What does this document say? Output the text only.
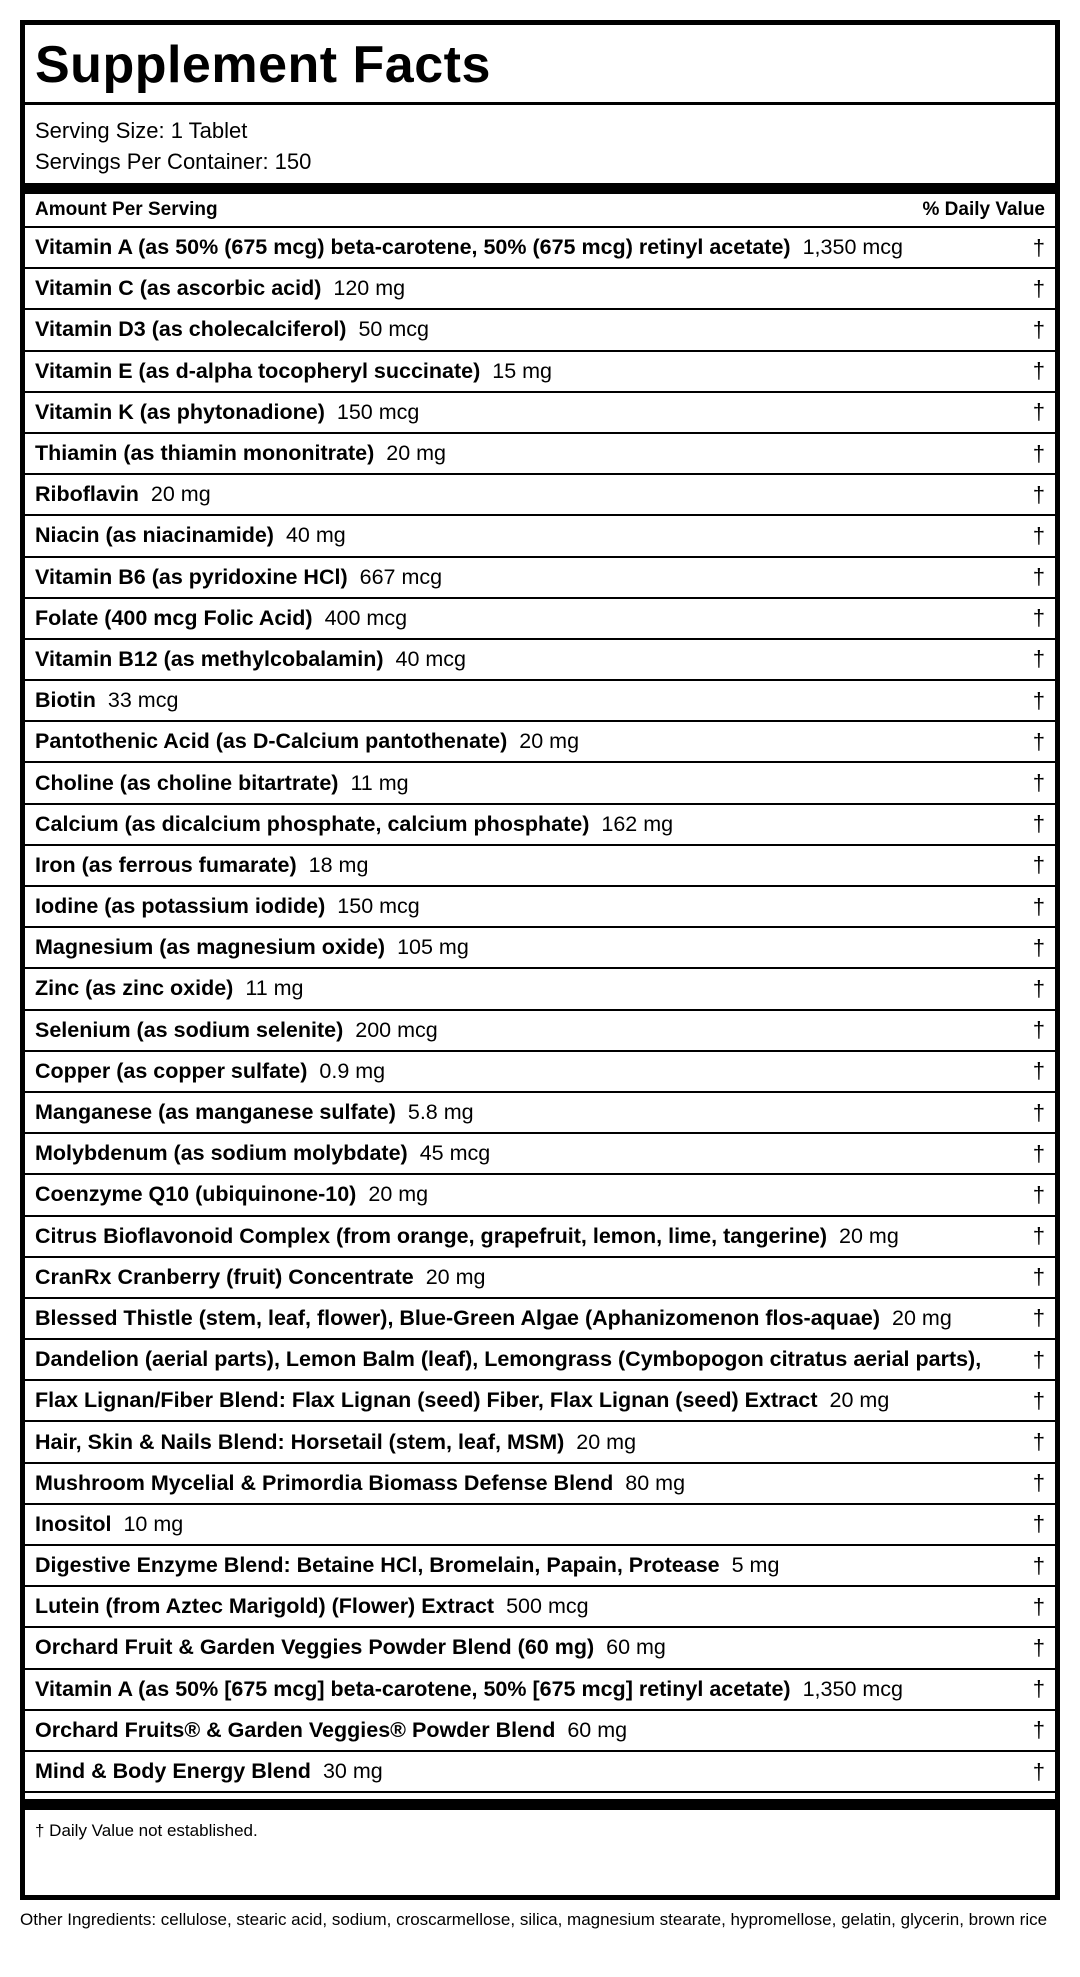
Supplement Facts
Serving Size: 1 Tablet
Servings Per Container: 150
Amount Per Serving	% Daily Value
Vitamin A (as 50% (675 mcg) beta-carotene, 50% (675 mcg) retinyl acetate) 1,350 mcg	†
Vitamin C (as ascorbic acid) 120 mg	†
Vitamin D3 (as cholecalciferol) 50 mcg	†
Vitamin E (as d-alpha tocopheryl succinate) 15 mg	†
Vitamin K (as phytonadione) 150 mcg	†
Thiamin (as thiamin mononitrate) 20 mg	†
Riboflavin 20 mg	†
Niacin (as niacinamide) 40 mg	†
Vitamin B6 (as pyridoxine HCl) 667 mcg	†
Folate (400 mcg Folic Acid) 400 mcg	†
Vitamin B12 (as methylcobalamin) 40 mcg	†
Biotin 33 mcg	†
Pantothenic Acid (as D-Calcium pantothenate) 20 mg	†
Choline (as choline bitartrate) 11 mg	†
Calcium (as dicalcium phosphate, calcium phosphate) 162 mg	†
Iron (as ferrous fumarate) 18 mg	†
Iodine (as potassium iodide) 150 mcg	†
Magnesium (as magnesium oxide) 105 mg	†
Zinc (as zinc oxide) 11 mg	†
Selenium (as sodium selenite) 200 mcg	†
Copper (as copper sulfate) 0.9 mg	†
Manganese (as manganese sulfate) 5.8 mg	†
Molybdenum (as sodium molybdate) 45 mcg	†
Coenzyme Q10 (ubiquinone-10) 20 mg	†
Citrus Bioflavonoid Complex (from orange, grapefruit, lemon, lime, tangerine) 20 mg	†
CranRx Cranberry (fruit) Concentrate 20 mg	†
Blessed Thistle (stem, leaf, flower), Blue-Green Algae (Aphanizomenon flos-aquae) 20 mg	†
Dandelion (aerial parts), Lemon Balm (leaf), Lemongrass (Cymbopogon citratus aerial parts), †
Flax Lignan/Fiber Blend: Flax Lignan (seed) Fiber, Flax Lignan (seed) Extract 20 mg	†
Hair, Skin & Nails Blend: Horsetail (stem, leaf, MSM) 20 mg	†
Mushroom Mycelial & Primordia Biomass Defense Blend 80 mg	†
Inositol 10 mg	†
Digestive Enzyme Blend: Betaine HCl, Bromelain, Papain, Protease 5 mg	†
Lutein (from Aztec Marigold) (Flower) Extract 500 mcg	†
Orchard Fruit & Garden Veggies Powder Blend (60 mg) 60 mg	†
Vitamin A (as 50% [675 mcg] beta-carotene, 50% [675 mcg] retinyl acetate) 1,350 mcg	†
Orchard Fruits® & Garden Veggies® Powder Blend 60 mg	†
Mind & Body Energy Blend 30 mg	†
† Daily Value not established.
Other Ingredients: cellulose, stearic acid, sodium, croscarmellose, silica, magnesium stearate, hypromellose, gelatin, glycerin, brown rice
